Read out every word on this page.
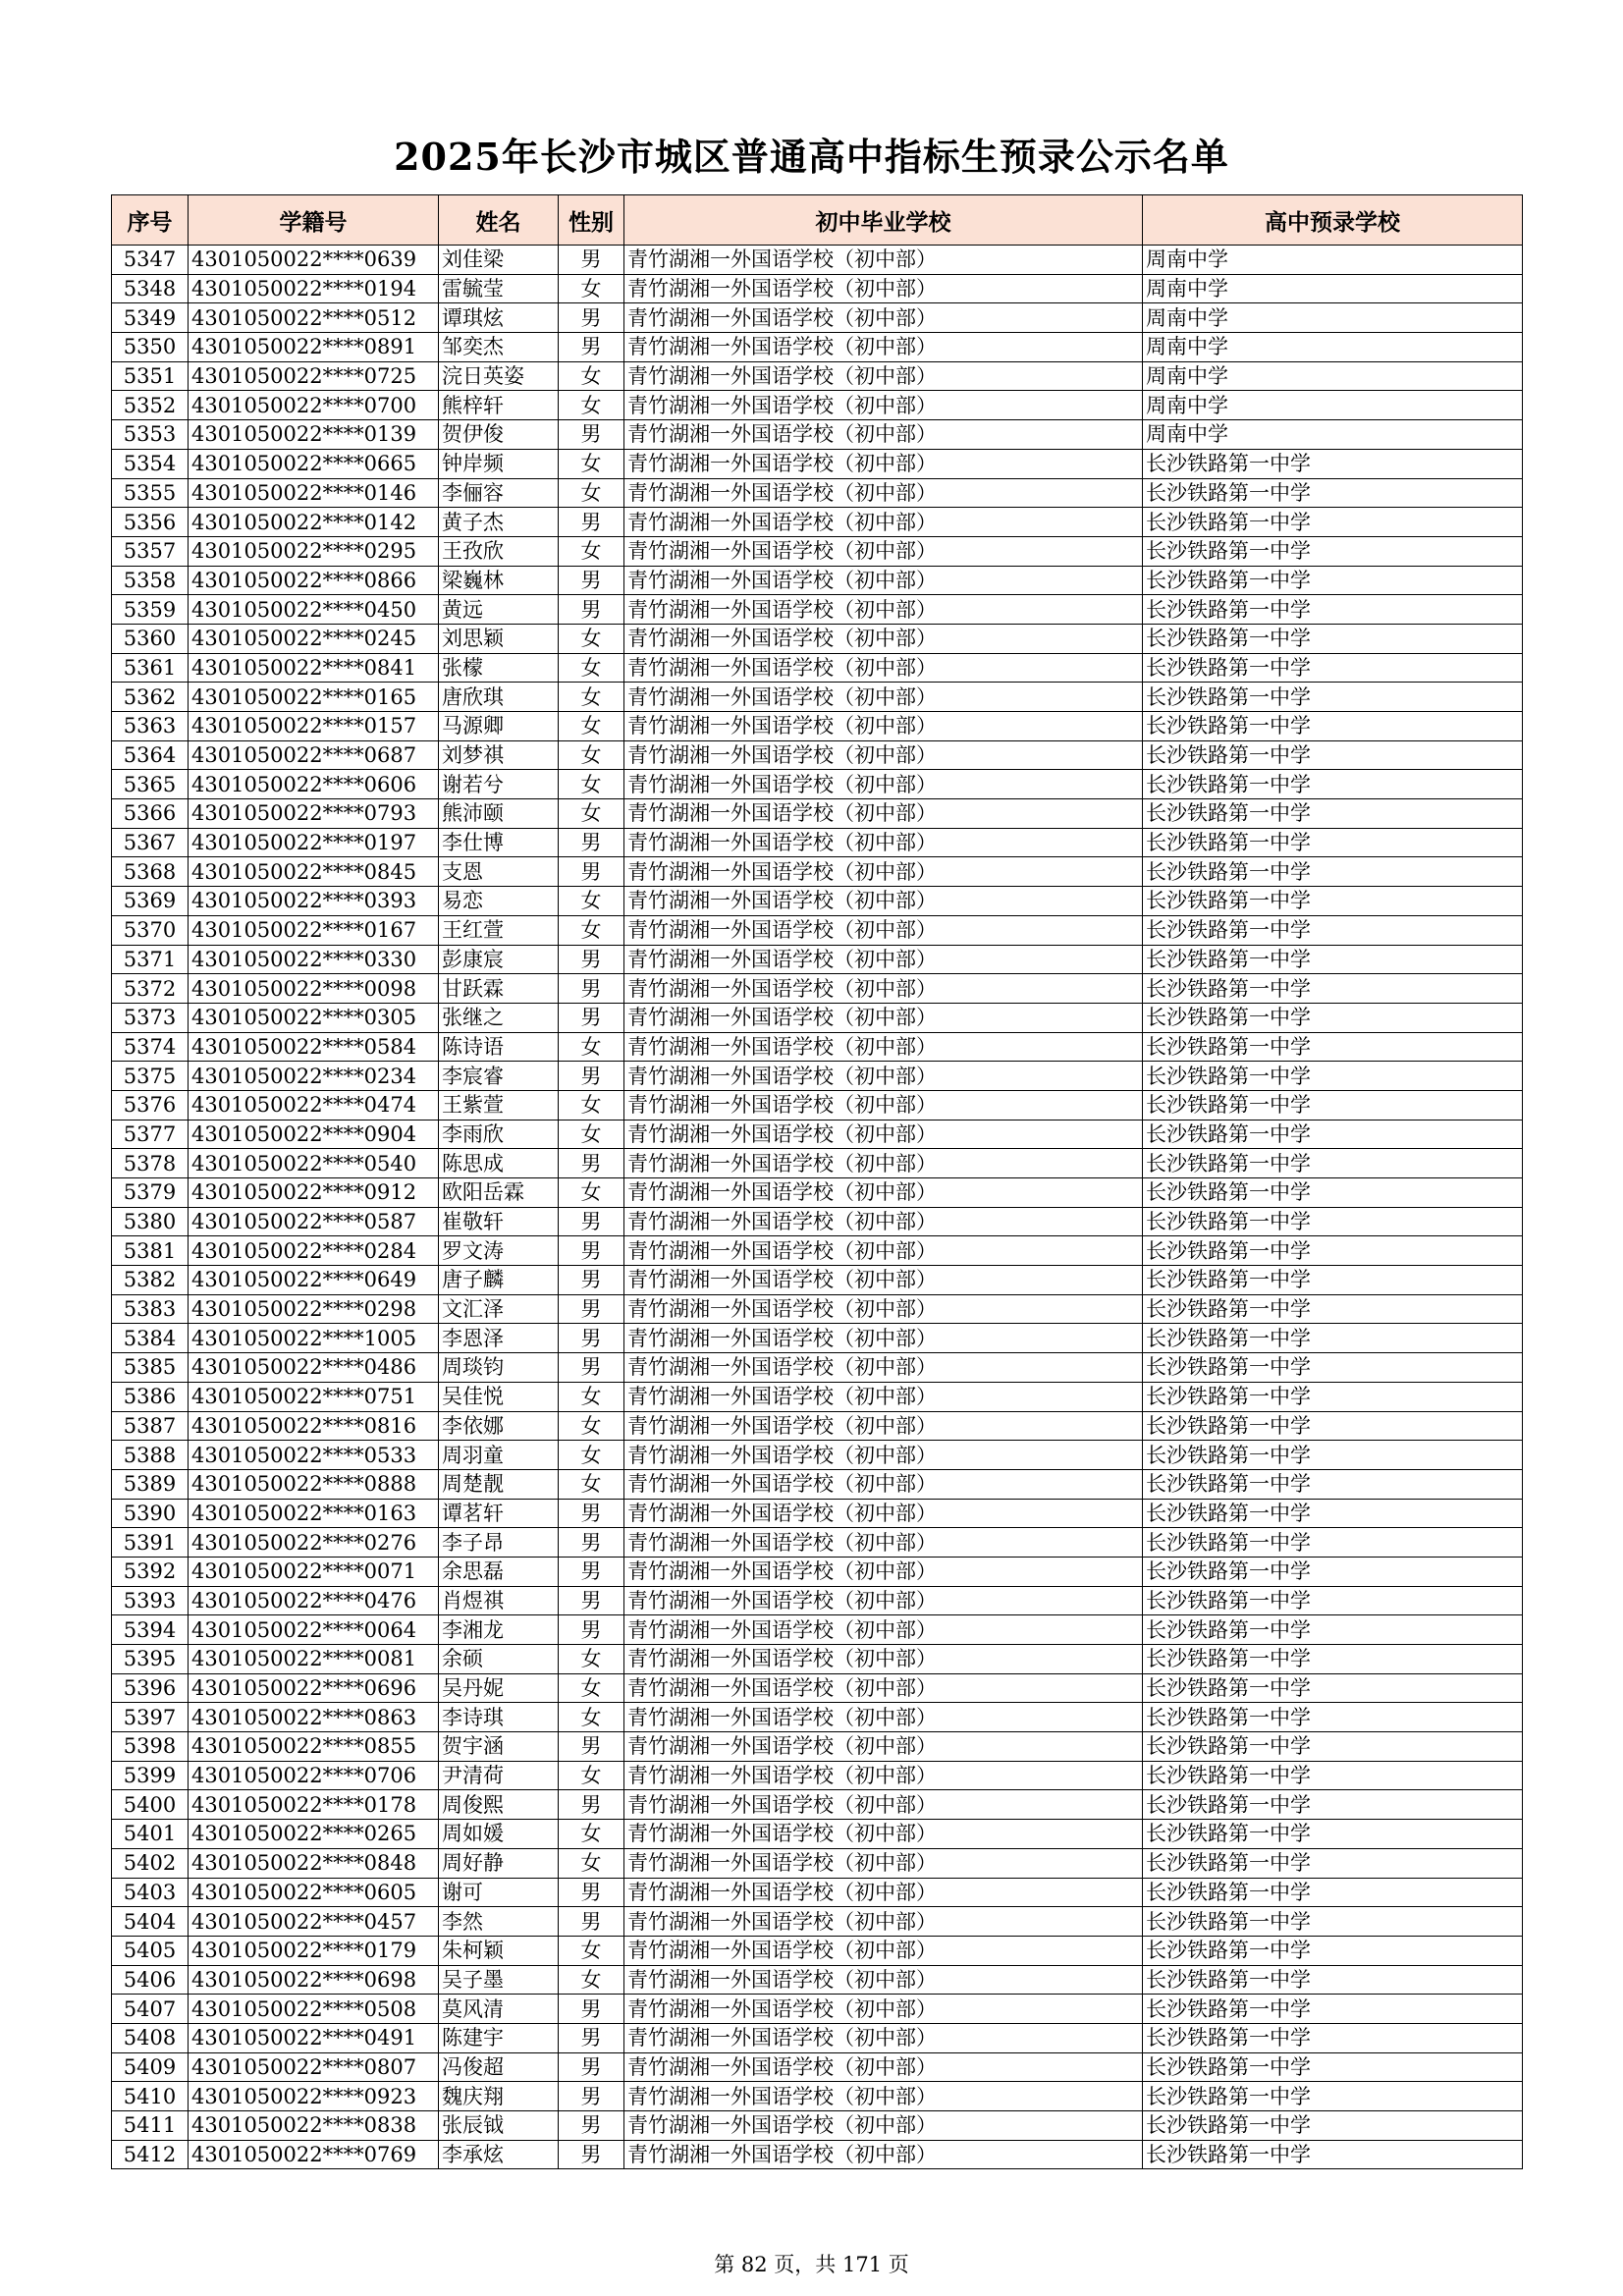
2025年长沙市城区普通高中指标生预录公示名单
序号	学籍号	姓名	性别	初中毕业学校	高中预录学校
5347	4301050022****0639	刘佳梁	男	青竹湖湘一外国语学校（初中部）	周南中学
5348	4301050022****0194	雷毓莹	女	青竹湖湘一外国语学校（初中部）	周南中学
5349	4301050022****0512	谭琪炫	男	青竹湖湘一外国语学校（初中部）	周南中学
5350	4301050022****0891	邹奕杰	男	青竹湖湘一外国语学校（初中部）	周南中学
5351	4301050022****0725	浣日英姿	女	青竹湖湘一外国语学校（初中部）	周南中学
5352	4301050022****0700	熊梓轩	女	青竹湖湘一外国语学校（初中部）	周南中学
5353	4301050022****0139	贺伊俊	男	青竹湖湘一外国语学校（初中部）	周南中学
5354	4301050022****0665	钟岸频	女	青竹湖湘一外国语学校（初中部）	长沙铁路第一中学
5355	4301050022****0146	李俪容	女	青竹湖湘一外国语学校（初中部）	长沙铁路第一中学
5356	4301050022****0142	黄子杰	男	青竹湖湘一外国语学校（初中部）	长沙铁路第一中学
5357	4301050022****0295	王孜欣	女	青竹湖湘一外国语学校（初中部）	长沙铁路第一中学
5358	4301050022****0866	梁巍林	男	青竹湖湘一外国语学校（初中部）	长沙铁路第一中学
5359	4301050022****0450	黄远	男	青竹湖湘一外国语学校（初中部）	长沙铁路第一中学
5360	4301050022****0245	刘思颖	女	青竹湖湘一外国语学校（初中部）	长沙铁路第一中学
5361	4301050022****0841	张檬	女	青竹湖湘一外国语学校（初中部）	长沙铁路第一中学
5362	4301050022****0165	唐欣琪	女	青竹湖湘一外国语学校（初中部）	长沙铁路第一中学
5363	4301050022****0157	马源卿	女	青竹湖湘一外国语学校（初中部）	长沙铁路第一中学
5364	4301050022****0687	刘梦祺	女	青竹湖湘一外国语学校（初中部）	长沙铁路第一中学
5365	4301050022****0606	谢若兮	女	青竹湖湘一外国语学校（初中部）	长沙铁路第一中学
5366	4301050022****0793	熊沛颐	女	青竹湖湘一外国语学校（初中部）	长沙铁路第一中学
5367	4301050022****0197	李仕博	男	青竹湖湘一外国语学校（初中部）	长沙铁路第一中学
5368	4301050022****0845	支恩	男	青竹湖湘一外国语学校（初中部）	长沙铁路第一中学
5369	4301050022****0393	易恋	女	青竹湖湘一外国语学校（初中部）	长沙铁路第一中学
5370	4301050022****0167	王红萱	女	青竹湖湘一外国语学校（初中部）	长沙铁路第一中学
5371	4301050022****0330	彭康宸	男	青竹湖湘一外国语学校（初中部）	长沙铁路第一中学
5372	4301050022****0098	甘跃霖	男	青竹湖湘一外国语学校（初中部）	长沙铁路第一中学
5373	4301050022****0305	张继之	男	青竹湖湘一外国语学校（初中部）	长沙铁路第一中学
5374	4301050022****0584	陈诗语	女	青竹湖湘一外国语学校（初中部）	长沙铁路第一中学
5375	4301050022****0234	李宸睿	男	青竹湖湘一外国语学校（初中部）	长沙铁路第一中学
5376	4301050022****0474	王紫萱	女	青竹湖湘一外国语学校（初中部）	长沙铁路第一中学
5377	4301050022****0904	李雨欣	女	青竹湖湘一外国语学校（初中部）	长沙铁路第一中学
5378	4301050022****0540	陈思成	男	青竹湖湘一外国语学校（初中部）	长沙铁路第一中学
5379	4301050022****0912	欧阳岳霖	女	青竹湖湘一外国语学校（初中部）	长沙铁路第一中学
5380	4301050022****0587	崔敬轩	男	青竹湖湘一外国语学校（初中部）	长沙铁路第一中学
5381	4301050022****0284	罗文涛	男	青竹湖湘一外国语学校（初中部）	长沙铁路第一中学
5382	4301050022****0649	唐子麟	男	青竹湖湘一外国语学校（初中部）	长沙铁路第一中学
5383	4301050022****0298	文汇泽	男	青竹湖湘一外国语学校（初中部）	长沙铁路第一中学
5384	4301050022****1005	李恩泽	男	青竹湖湘一外国语学校（初中部）	长沙铁路第一中学
5385	4301050022****0486	周琰钧	男	青竹湖湘一外国语学校（初中部）	长沙铁路第一中学
5386	4301050022****0751	吴佳悦	女	青竹湖湘一外国语学校（初中部）	长沙铁路第一中学
5387	4301050022****0816	李依娜	女	青竹湖湘一外国语学校（初中部）	长沙铁路第一中学
5388	4301050022****0533	周羽童	女	青竹湖湘一外国语学校（初中部）	长沙铁路第一中学
5389	4301050022****0888	周楚靓	女	青竹湖湘一外国语学校（初中部）	长沙铁路第一中学
5390	4301050022****0163	谭茗轩	男	青竹湖湘一外国语学校（初中部）	长沙铁路第一中学
5391	4301050022****0276	李子昂	男	青竹湖湘一外国语学校（初中部）	长沙铁路第一中学
5392	4301050022****0071	余思磊	男	青竹湖湘一外国语学校（初中部）	长沙铁路第一中学
5393	4301050022****0476	肖煜祺	男	青竹湖湘一外国语学校（初中部）	长沙铁路第一中学
5394	4301050022****0064	李湘龙	男	青竹湖湘一外国语学校（初中部）	长沙铁路第一中学
5395	4301050022****0081	余硕	女	青竹湖湘一外国语学校（初中部）	长沙铁路第一中学
5396	4301050022****0696	吴丹妮	女	青竹湖湘一外国语学校（初中部）	长沙铁路第一中学
5397	4301050022****0863	李诗琪	女	青竹湖湘一外国语学校（初中部）	长沙铁路第一中学
5398	4301050022****0855	贺宇涵	男	青竹湖湘一外国语学校（初中部）	长沙铁路第一中学
5399	4301050022****0706	尹清荷	女	青竹湖湘一外国语学校（初中部）	长沙铁路第一中学
5400	4301050022****0178	周俊熙	男	青竹湖湘一外国语学校（初中部）	长沙铁路第一中学
5401	4301050022****0265	周如媛	女	青竹湖湘一外国语学校（初中部）	长沙铁路第一中学
5402	4301050022****0848	周好静	女	青竹湖湘一外国语学校（初中部）	长沙铁路第一中学
5403	4301050022****0605	谢可	男	青竹湖湘一外国语学校（初中部）	长沙铁路第一中学
5404	4301050022****0457	李然	男	青竹湖湘一外国语学校（初中部）	长沙铁路第一中学
5405	4301050022****0179	朱柯颖	女	青竹湖湘一外国语学校（初中部）	长沙铁路第一中学
5406	4301050022****0698	吴子墨	女	青竹湖湘一外国语学校（初中部）	长沙铁路第一中学
5407	4301050022****0508	莫风清	男	青竹湖湘一外国语学校（初中部）	长沙铁路第一中学
5408	4301050022****0491	陈建宇	男	青竹湖湘一外国语学校（初中部）	长沙铁路第一中学
5409	4301050022****0807	冯俊超	男	青竹湖湘一外国语学校（初中部）	长沙铁路第一中学
5410	4301050022****0923	魏庆翔	男	青竹湖湘一外国语学校（初中部）	长沙铁路第一中学
5411	4301050022****0838	张辰钺	男	青竹湖湘一外国语学校（初中部）	长沙铁路第一中学
5412	4301050022****0769	李承炫	男	青竹湖湘一外国语学校（初中部）	长沙铁路第一中学
第 82 页，共 171 页
